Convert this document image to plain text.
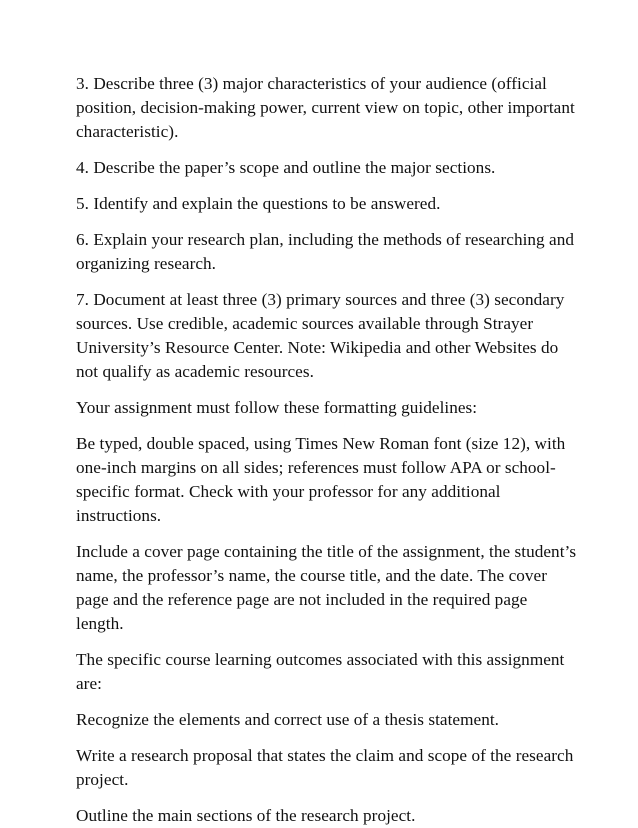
3. Describe three (3) major characteristics of your audience (official position, decision-making power, current view on topic, other important characteristic).

4. Describe the paper’s scope and outline the major sections.

5. Identify and explain the questions to be answered.

6. Explain your research plan, including the methods of researching and organizing research.

7. Document at least three (3) primary sources and three (3) secondary sources. Use credible, academic sources available through Strayer University’s Resource Center. Note: Wikipedia and other Websites do not qualify as academic resources.

Your assignment must follow these formatting guidelines:

Be typed, double spaced, using Times New Roman font (size 12), with one-inch margins on all sides; references must follow APA or school-specific format. Check with your professor for any additional instructions.

Include a cover page containing the title of the assignment, the student’s name, the professor’s name, the course title, and the date. The cover page and the reference page are not included in the required page length.

The specific course learning outcomes associated with this assignment are:

Recognize the elements and correct use of a thesis statement.

Write a research proposal that states the claim and scope of the research project.

Outline the main sections of the research project.
